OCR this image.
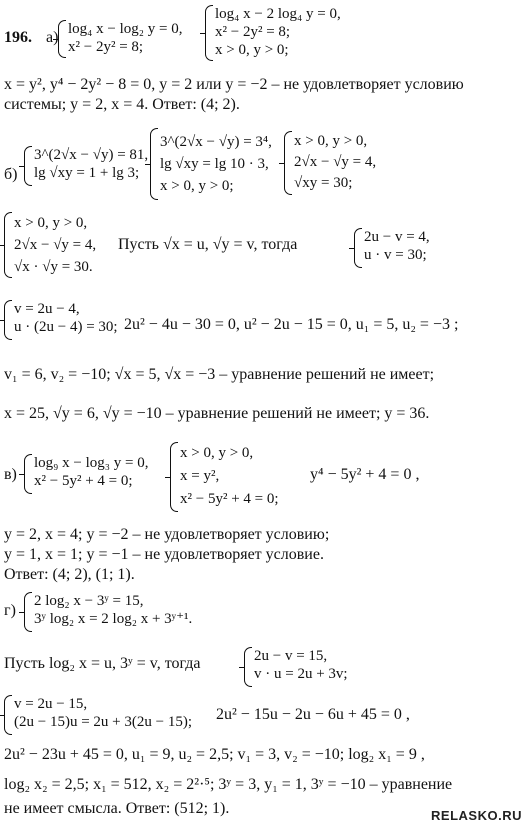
196. а) log₄ x − log₂ y = 0,
x² − 2y² = 8;
log₄ x − 2 log₄ y = 0,
x² − 2y² = 8;
x > 0, y > 0;
x = y², y⁴ − 2y² − 8 = 0, y = 2 или y = −2 – не удовлетворяет условию
системы; y = 2, x = 4. Ответ: (4; 2).
б)
3^(2√x − √y) = 81,
lg √xy = 1 + lg 3;
3^(2√x − √y) = 3⁴,
lg √xy = lg 10 · 3,
x > 0, y > 0;
x > 0, y > 0,
2√x − √y = 4,
√xy = 30;
x > 0, y > 0,
2√x − √y = 4,
√x · √y = 30.
Пусть √x = u, √y = v, тогда	2u − v = 4,
u · v = 30;
v = 2u − 4,
u · (2u − 4) = 30; 2u² − 4u − 30 = 0, u² − 2u − 15 = 0, u₁ = 5, u₂ = −3 ;
v₁ = 6, v₂ = −10; √x = 5, √x = −3 – уравнение решений не имеет;
x = 25, √y = 6, √y = −10 – уравнение решений не имеет; y = 36.
в)
log₉ x − log₃ y = 0,
x² − 5y² + 4 = 0;
x > 0, y > 0,
x = y²,
x² − 5y² + 4 = 0;
y⁴ − 5y² + 4 = 0 ,
y = 2, x = 4; y = −2 – не удовлетворяет условию;
y = 1, x = 1; y = −1 – не удовлетворяет условие.
Ответ: (4; 2), (1; 1).
г)
2 log₂ x − 3ʸ = 15,
3ʸ log₂ x = 2 log₂ x + 3ʸ⁺¹.
Пусть log₂ x = u, 3ʸ = v, тогда	2u − v = 15,
v · u = 2u + 3v;
v = 2u − 15,
(2u − 15)u = 2u + 3(2u − 15); 2u² − 15u − 2u − 6u + 45 = 0 ,
2u² − 23u + 45 = 0, u₁ = 9, u₂ = 2,5; v₁ = 3, v₂ = −10; log₂ x₁ = 9 ,
log₂ x₂ = 2,5; x₁ = 512, x₂ = 2²·⁵; 3ʸ = 3, y₁ = 1, 3ʸ = −10 – уравнение
не имеет смысла. Ответ: (512; 1).	RELASKO.RU
